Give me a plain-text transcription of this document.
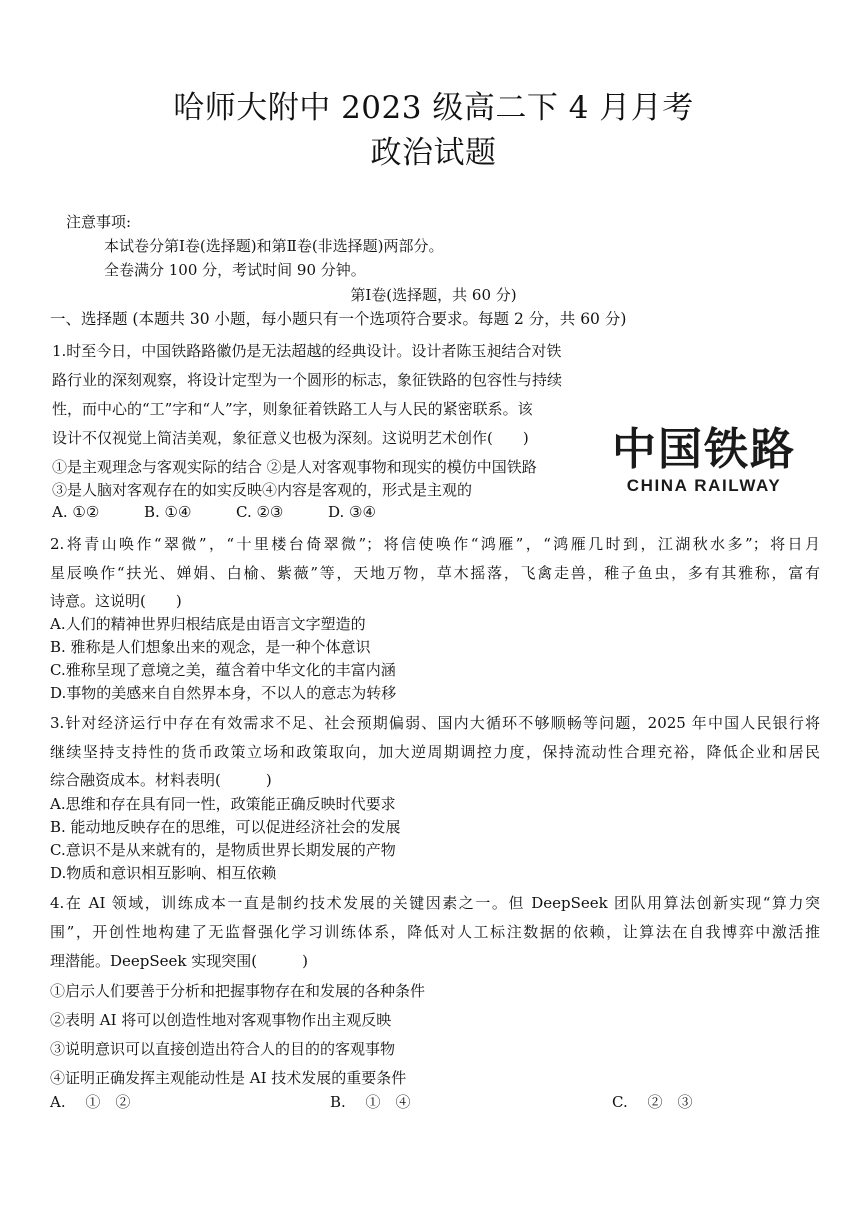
哈师大附中 2023 级高二下 4 月月考
政治试题
注意事项:
本试卷分第Ⅰ卷(选择题)和第Ⅱ卷(非选择题)两部分。
全卷满分 100 分，考试时间 90 分钟。
第Ⅰ卷(选择题，共 60 分)
一、选择题 (本题共 30 小题，每小题只有一个选项符合要求。每题 2 分，共 60 分)
1.时至今日，中国铁路路徽仍是无法超越的经典设计。设计者陈玉昶结合对铁
路行业的深刻观察，将设计定型为一个圆形的标志，象征铁路的包容性与持续
性，而中心的“工”字和“人”字，则象征着铁路工人与人民的紧密联系。该
设计不仅视觉上简洁美观，象征意义也极为深刻。这说明艺术创作(　　)
①是主观理念与客观实际的结合 ②是人对客观事物和现实的模仿中国铁路
③是人脑对客观存在的如实反映④内容是客观的，形式是主观的
A. ①②	B. ①④	C. ②③	D. ③④
中国铁路
CHINA RAILWAY
2.将青山唤作“翠微”，“十里楼台倚翠微”；将信使唤作“鸿雁”，“鸿雁几时到，江湖秋水多”；将日月
星辰唤作“扶光、婵娟、白榆、紫薇”等，天地万物，草木摇落，飞禽走兽，稚子鱼虫，多有其雅称，富有
诗意。这说明(　　)
A.人们的精神世界归根结底是由语言文字塑造的
B. 雅称是人们想象出来的观念，是一种个体意识
C.雅称呈现了意境之美，蕴含着中华文化的丰富内涵
D.事物的美感来自自然界本身，不以人的意志为转移
3.针对经济运行中存在有效需求不足、社会预期偏弱、国内大循环不够顺畅等问题，2025 年中国人民银行将
继续坚持支持性的货币政策立场和政策取向，加大逆周期调控力度，保持流动性合理充裕，降低企业和居民
综合融资成本。材料表明(　　　)
A.思维和存在具有同一性，政策能正确反映时代要求
B. 能动地反映存在的思维，可以促进经济社会的发展
C.意识不是从来就有的，是物质世界长期发展的产物
D.物质和意识相互影响、相互依赖
4.在 AI 领域，训练成本一直是制约技术发展的关键因素之一。但 DeepSeek 团队用算法创新实现“算力突
围”，开创性地构建了无监督强化学习训练体系，降低对人工标注数据的依赖，让算法在自我博弈中激活推
理潜能。DeepSeek 实现突围(　　　)
①启示人们要善于分析和把握事物存在和发展的各种条件
②表明 AI 将可以创造性地对客观事物作出主观反映
③说明意识可以直接创造出符合人的目的的客观事物
④证明正确发挥主观能动性是 AI 技术发展的重要条件
A.　 ①　②	B.　 ①　④	C.　 ②　③
